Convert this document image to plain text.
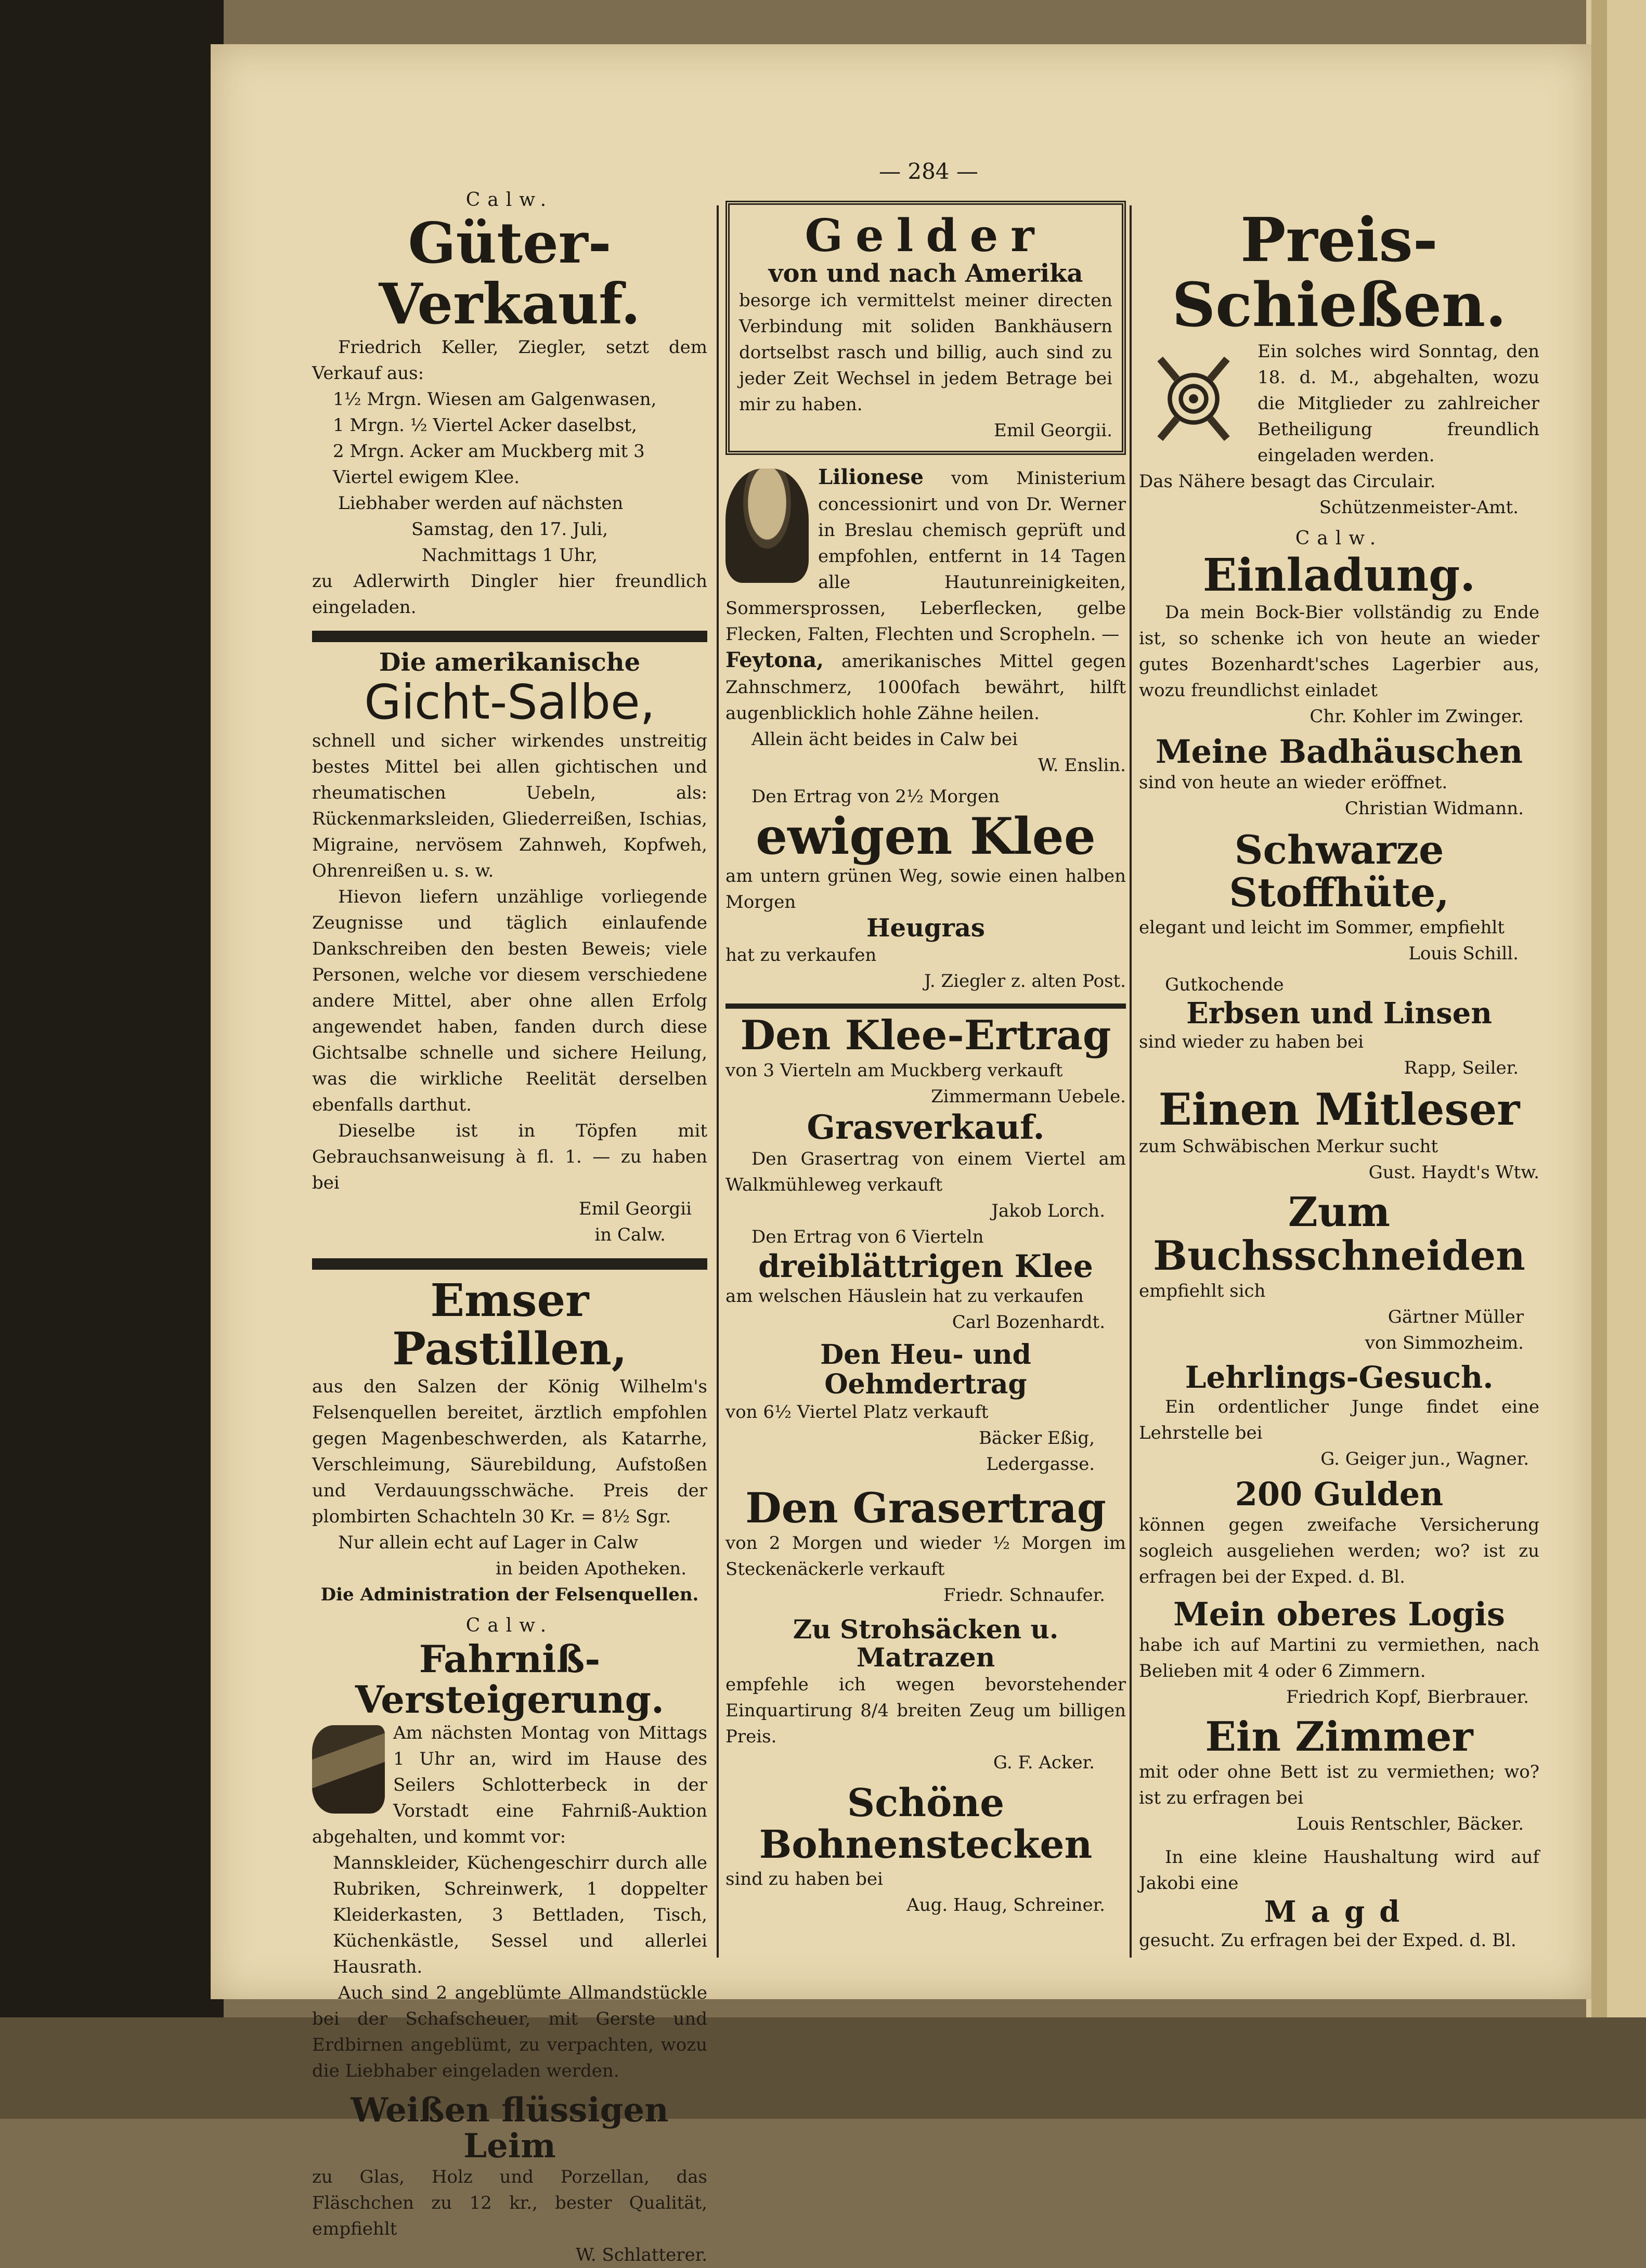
— 284 —
Calw.
Güter-Verkauf.
Friedrich Keller, Ziegler, setzt dem Verkauf aus:
1½ Mrgn. Wiesen am Galgenwasen,
1 Mrgn. ½ Viertel Acker daselbst,
2 Mrgn. Acker am Muckberg mit 3 Viertel ewigem Klee.
Liebhaber werden auf nächsten
Samstag, den 17. Juli,
Nachmittags 1 Uhr,
zu Adlerwirth Dingler hier freundlich eingeladen.
Die amerikanische
Gicht-Salbe,
schnell und sicher wirkendes unstreitig bestes Mittel bei allen gichtischen und rheumatischen Uebeln, als: Rückenmarksleiden, Gliederreißen, Ischias, Migraine, nervösem Zahnweh, Kopfweh, Ohrenreißen u. s. w.
Hievon liefern unzählige vorliegende Zeugnisse und täglich einlaufende Dankschreiben den besten Beweis; viele Personen, welche vor diesem verschiedene andere Mittel, aber ohne allen Erfolg angewendet haben, fanden durch diese Gichtsalbe schnelle und sichere Heilung, was die wirkliche Reelität derselben ebenfalls darthut.
Dieselbe ist in Töpfen mit Gebrauchsanweisung à fl. 1. — zu haben bei
Emil Georgii
in Calw.
Emser Pastillen,
aus den Salzen der König Wilhelm's Felsenquellen bereitet, ärztlich empfohlen gegen Magenbeschwerden, als Katarrhe, Verschleimung, Säurebildung, Aufstoßen und Verdauungsschwäche. Preis der plombirten Schachteln 30 Kr. = 8½ Sgr.
Nur allein echt auf Lager in Calw
in beiden Apotheken.
Die Administration der Felsenquellen.
Calw.
Fahrniß-Versteigerung.
Am nächsten Montag von Mittags 1 Uhr an, wird im Hause des Seilers Schlotterbeck in der Vorstadt eine Fahrniß-Auktion abgehalten, und kommt vor:
Mannskleider, Küchengeschirr durch alle Rubriken, Schreinwerk, 1 doppelter Kleiderkasten, 3 Bettladen, Tisch, Küchenkästle, Sessel und allerlei Hausrath.
Auch sind 2 angeblümte Allmandstückle bei der Schafscheuer, mit Gerste und Erdbirnen angeblümt, zu verpachten, wozu die Liebhaber eingeladen werden.
Weißen flüssigen Leim
zu Glas, Holz und Porzellan, das Fläschchen zu 12 kr., bester Qualität, empfiehlt
W. Schlatterer.
Gelder
von und nach Amerika
besorge ich vermittelst meiner directen Verbindung mit soliden Bankhäusern dortselbst rasch und billig, auch sind zu jeder Zeit Wechsel in jedem Betrage bei mir zu haben.
Emil Georgii.
Lilionese vom Ministerium concessionirt und von Dr. Werner in Breslau chemisch geprüft und empfohlen, entfernt in 14 Tagen alle Hautunreinigkeiten, Sommersprossen, Leberflecken, gelbe Flecken, Falten, Flechten und Scropheln. —
Feytona, amerikanisches Mittel gegen Zahnschmerz, 1000fach bewährt, hilft augenblicklich hohle Zähne heilen.
Allein ächt beides in Calw bei
W. Enslin.
Den Ertrag von 2½ Morgen
ewigen Klee
am untern grünen Weg, sowie einen halben Morgen
Heugras
hat zu verkaufen
J. Ziegler z. alten Post.
Den Klee-Ertrag
von 3 Vierteln am Muckberg verkauft
Zimmermann Uebele.
Grasverkauf.
Den Grasertrag von einem Viertel am Walkmühleweg verkauft
Jakob Lorch.
Den Ertrag von 6 Vierteln
dreiblättrigen Klee
am welschen Häuslein hat zu verkaufen
Carl Bozenhardt.
Den Heu- und Oehmdertrag
von 6½ Viertel Platz verkauft
Bäcker Eßig,
Ledergasse.
Den Grasertrag
von 2 Morgen und wieder ½ Morgen im Steckenäckerle verkauft
Friedr. Schnaufer.
Zu Strohsäcken u. Matrazen
empfehle ich wegen bevorstehender Einquartirung 8/4 breiten Zeug um billigen Preis.
G. F. Acker.
Schöne Bohnenstecken
sind zu haben bei
Aug. Haug, Schreiner.
Preis-Schießen.
Ein solches wird Sonntag, den 18. d. M., abgehalten, wozu die Mitglieder zu zahlreicher Betheiligung freundlich eingeladen werden.
Das Nähere besagt das Circulair.
Schützenmeister-Amt.
Calw.
Einladung.
Da mein Bock-Bier vollständig zu Ende ist, so schenke ich von heute an wieder gutes Bozenhardt'sches Lagerbier aus, wozu freundlichst einladet
Chr. Kohler im Zwinger.
Meine Badhäuschen
sind von heute an wieder eröffnet.
Christian Widmann.
Schwarze Stoffhüte,
elegant und leicht im Sommer, empfiehlt
Louis Schill.
Gutkochende
Erbsen und Linsen
sind wieder zu haben bei
Rapp, Seiler.
Einen Mitleser
zum Schwäbischen Merkur sucht
Gust. Haydt's Wtw.
Zum Buchsschneiden
empfiehlt sich
Gärtner Müller
von Simmozheim.
Lehrlings-Gesuch.
Ein ordentlicher Junge findet eine Lehrstelle bei
G. Geiger jun., Wagner.
200 Gulden
können gegen zweifache Versicherung sogleich ausgeliehen werden; wo? ist zu erfragen bei der Exped. d. Bl.
Mein oberes Logis
habe ich auf Martini zu vermiethen, nach Belieben mit 4 oder 6 Zimmern.
Friedrich Kopf, Bierbrauer.
Ein Zimmer
mit oder ohne Bett ist zu vermiethen; wo? ist zu erfragen bei
Louis Rentschler, Bäcker.
In eine kleine Haushaltung wird auf Jakobi eine
Magd
gesucht. Zu erfragen bei der Exped. d. Bl.
